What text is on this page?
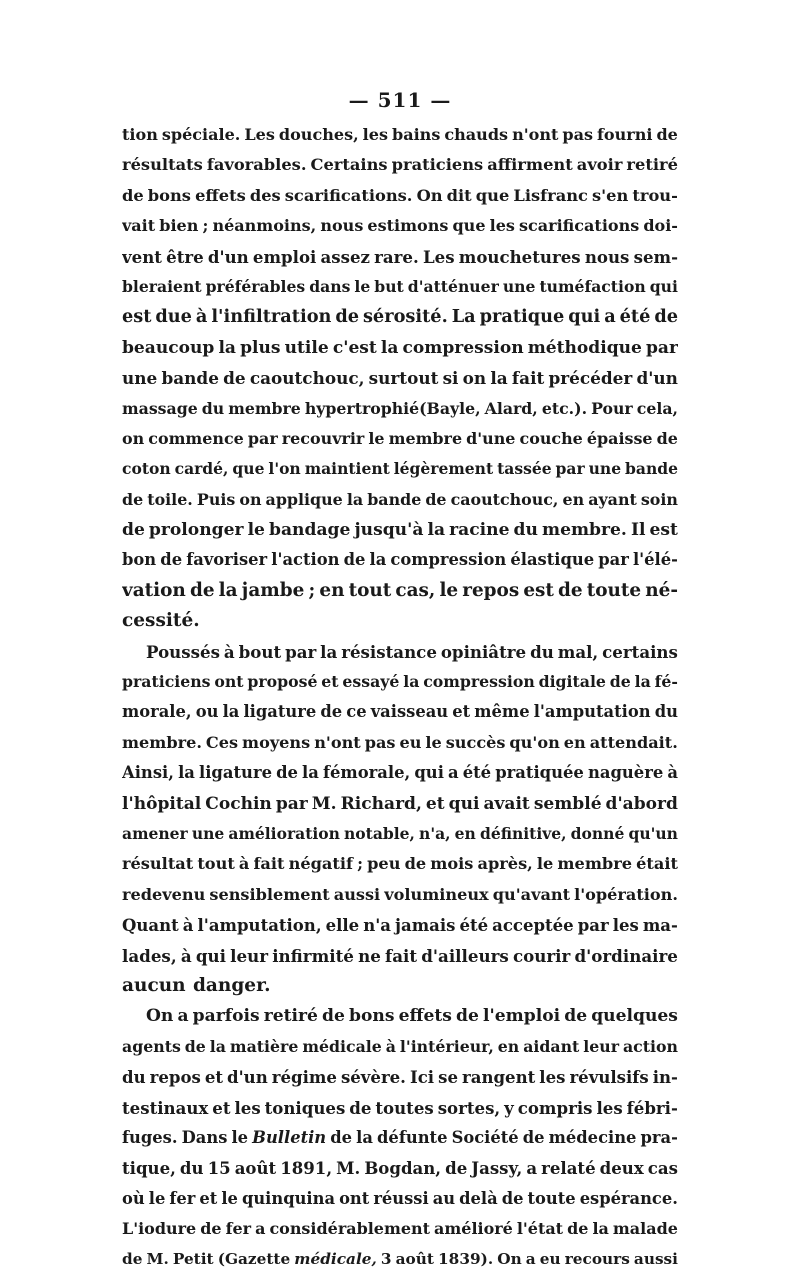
— 511 —
tion spéciale. Les douches, les bains chauds n'ont pas fourni de
résultats favorables. Certains praticiens affirment avoir retiré
de bons effets des scarifications. On dit que Lisfranc s'en trou-
vait bien ; néanmoins, nous estimons que les scarifications doi-
vent être d'un emploi assez rare. Les mouchetures nous sem-
bleraient préférables dans le but d'atténuer une tuméfaction qui
est due à l'infiltration de sérosité. La pratique qui a été de
beaucoup la plus utile c'est la compression méthodique par
une bande de caoutchouc, surtout si on la fait précéder d'un
massage du membre hypertrophié(Bayle, Alard, etc.). Pour cela,
on commence par recouvrir le membre d'une couche épaisse de
coton cardé, que l'on maintient légèrement tassée par une bande
de toile. Puis on applique la bande de caoutchouc, en ayant soin
de prolonger le bandage jusqu'à la racine du membre. Il est
bon de favoriser l'action de la compression élastique par l'élé-
vation de la jambe ; en tout cas, le repos est de toute né-
cessité.
Poussés à bout par la résistance opiniâtre du mal, certains
praticiens ont proposé et essayé la compression digitale de la fé-
morale, ou la ligature de ce vaisseau et même l'amputation du
membre. Ces moyens n'ont pas eu le succès qu'on en attendait.
Ainsi, la ligature de la fémorale, qui a été pratiquée naguère à
l'hôpital Cochin par M. Richard, et qui avait semblé d'abord
amener une amélioration notable, n'a, en définitive, donné qu'un
résultat tout à fait négatif ; peu de mois après, le membre était
redevenu sensiblement aussi volumineux qu'avant l'opération.
Quant à l'amputation, elle n'a jamais été acceptée par les ma-
lades, à qui leur infirmité ne fait d'ailleurs courir d'ordinaire
aucun danger.
On a parfois retiré de bons effets de l'emploi de quelques
agents de la matière médicale à l'intérieur, en aidant leur action
du repos et d'un régime sévère. Ici se rangent les révulsifs in-
testinaux et les toniques de toutes sortes, y compris les fébri-
fuges. Dans le Bulletin de la défunte Société de médecine pra-
tique, du 15 août 1891, M. Bogdan, de Jassy, a relaté deux cas
où le fer et le quinquina ont réussi au delà de toute espérance.
L'iodure de fer a considérablement amélioré l'état de la malade
de M. Petit (Gazette médicale, 3 août 1839). On a eu recours aussi
